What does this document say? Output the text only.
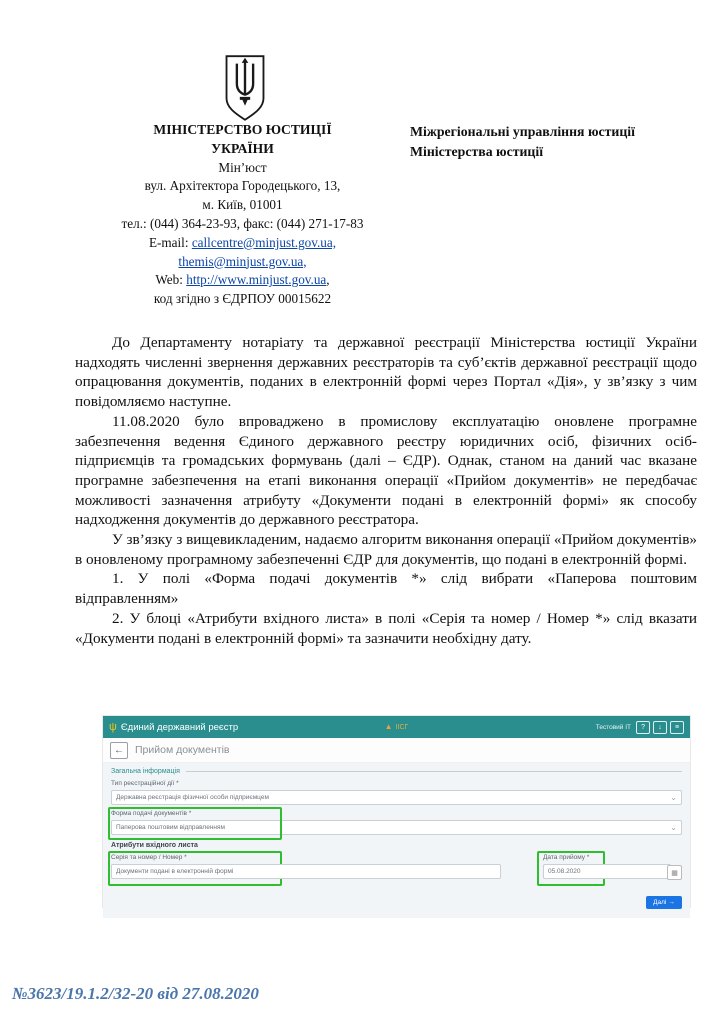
МІНІСТЕРСТВО ЮСТИЦІЇ
УКРАЇНИ
Мін’юст
вул. Архітектора Городецького, 13,
м. Київ, 01001
тел.: (044) 364-23-93, факс: (044) 271-17-83
E-mail: callcentre@minjust.gov.ua,
themis@minjust.gov.ua,
Web: http://www.minjust.gov.ua,
код згідно з ЄДРПОУ 00015622
Міжрегіональні управління юстиції Міністерства юстиції

До Департаменту нотаріату та державної реєстрації Міністерства юстиції України надходять численні звернення державних реєстраторів та суб’єктів державної реєстрації щодо опрацювання документів, поданих в електронній формі через Портал «Дія», у зв’язку з чим повідомляємо наступне.

11.08.2020 було впроваджено в промислову експлуатацію оновлене програмне забезпечення ведення Єдиного державного реєстру юридичних осіб, фізичних осіб-підприємців та громадських формувань (далі – ЄДР). Однак, станом на даний час вказане програмне забезпечення на етапі виконання операції «Прийом документів» не передбачає можливості зазначення атрибуту «Документи подані в електронній формі» як способу надходження документів до державного реєстратора.

У зв’язку з вищевикладеним, надаємо алгоритм виконання операції «Прийом документів» в оновленому програмному забезпеченні ЄДР для документів, що подані в електронній формі.

1. У полі «Форма подачі документів *» слід вибрати «Паперова поштовим відправленням»

2. У блоці «Атрибути вхідного листа» в полі «Серія та номер / Номер *» слід вказати «Документи подані в електронній формі» та зазначити необхідну дату.

ψ Єдиний державний реєстр	▲ ІІСГ	Тестовий ІТ	?	↓	≡
←	Прийом документів
Загальна інформація
Тип реєстраційної дії *
Державна реєстрація фізичної особи підприємцем	⌄
Форма подачі документів *
Паперова поштовим відправленням	⌄
Атрибути вхідного листа
Серія та номер / Номер *
Документи подані в електронній формі
Дата прийому *
05.08.2020	▦
Далі →
№3623/19.1.2/32-20 від 27.08.2020
